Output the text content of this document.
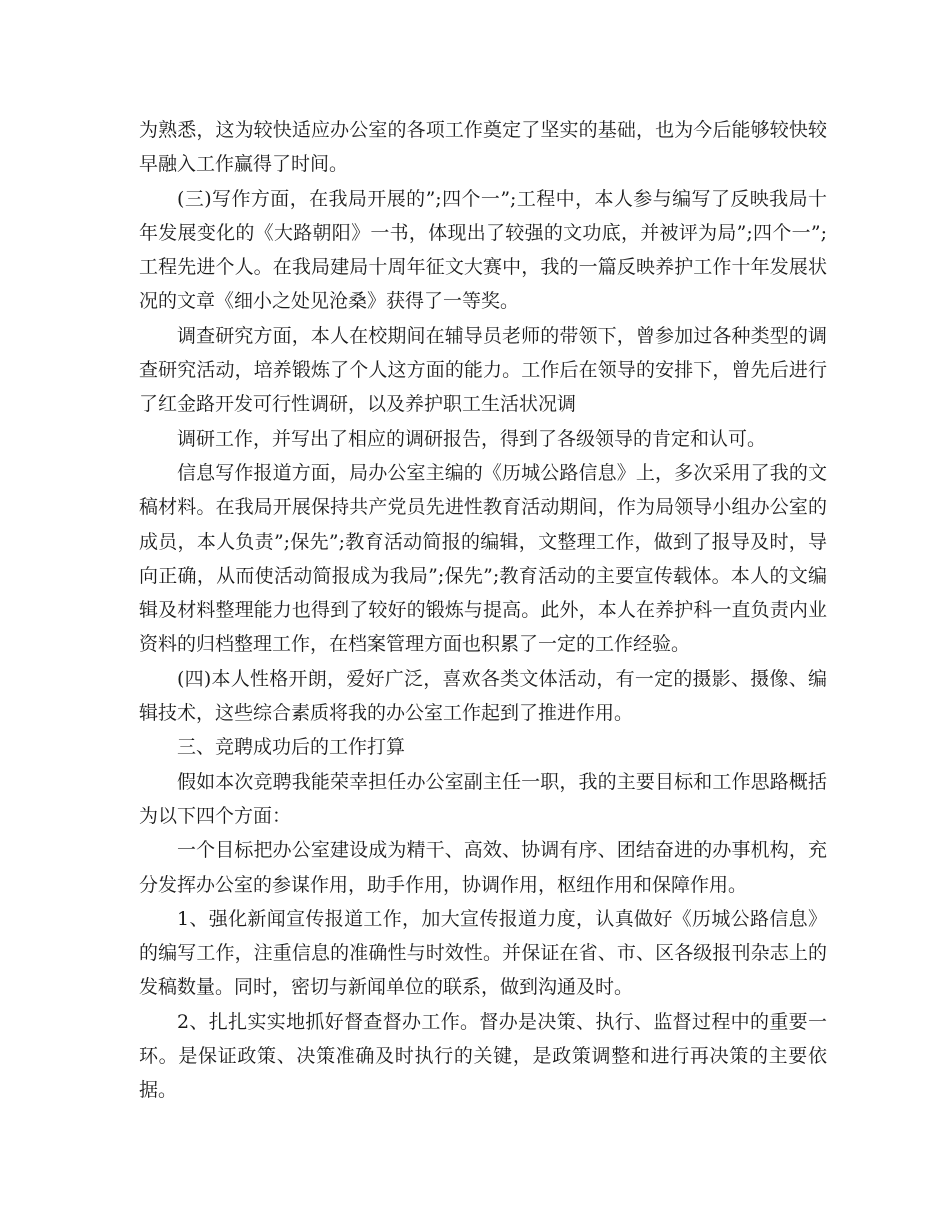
为熟悉，这为较快适应办公室的各项工作奠定了坚实的基础，也为今后能够较快较早融入工作赢得了时间。

(三)写作方面，在我局开展的”;四个一”;工程中，本人参与编写了反映我局十年发展变化的《大路朝阳》一书，体现出了较强的文功底，并被评为局”;四个一”;工程先进个人。在我局建局十周年征文大赛中，我的一篇反映养护工作十年发展状况的文章《细小之处见沧桑》获得了一等奖。

调查研究方面，本人在校期间在辅导员老师的带领下，曾参加过各种类型的调查研究活动，培养锻炼了个人这方面的能力。工作后在领导的安排下，曾先后进行了红金路开发可行性调研，以及养护职工生活状况调

调研工作，并写出了相应的调研报告，得到了各级领导的肯定和认可。

信息写作报道方面，局办公室主编的《历城公路信息》上，多次采用了我的文稿材料。在我局开展保持共产党员先进性教育活动期间，作为局领导小组办公室的成员，本人负责”;保先”;教育活动简报的编辑，文整理工作，做到了报导及时，导向正确，从而使活动简报成为我局”;保先”;教育活动的主要宣传载体。本人的文编辑及材料整理能力也得到了较好的锻炼与提高。此外，本人在养护科一直负责内业资料的归档整理工作，在档案管理方面也积累了一定的工作经验。

(四)本人性格开朗，爱好广泛，喜欢各类文体活动，有一定的摄影、摄像、编辑技术，这些综合素质将我的办公室工作起到了推进作用。

三、竞聘成功后的工作打算

假如本次竞聘我能荣幸担任办公室副主任一职，我的主要目标和工作思路概括为以下四个方面：

一个目标把办公室建设成为精干、高效、协调有序、团结奋进的办事机构，充分发挥办公室的参谋作用，助手作用，协调作用，枢纽作用和保障作用。

1、强化新闻宣传报道工作，加大宣传报道力度，认真做好《历城公路信息》的编写工作，注重信息的准确性与时效性。并保证在省、市、区各级报刊杂志上的发稿数量。同时，密切与新闻单位的联系，做到沟通及时。

2、扎扎实实地抓好督查督办工作。督办是决策、执行、监督过程中的重要一环。是保证政策、决策准确及时执行的关键，是政策调整和进行再决策的主要依据。
